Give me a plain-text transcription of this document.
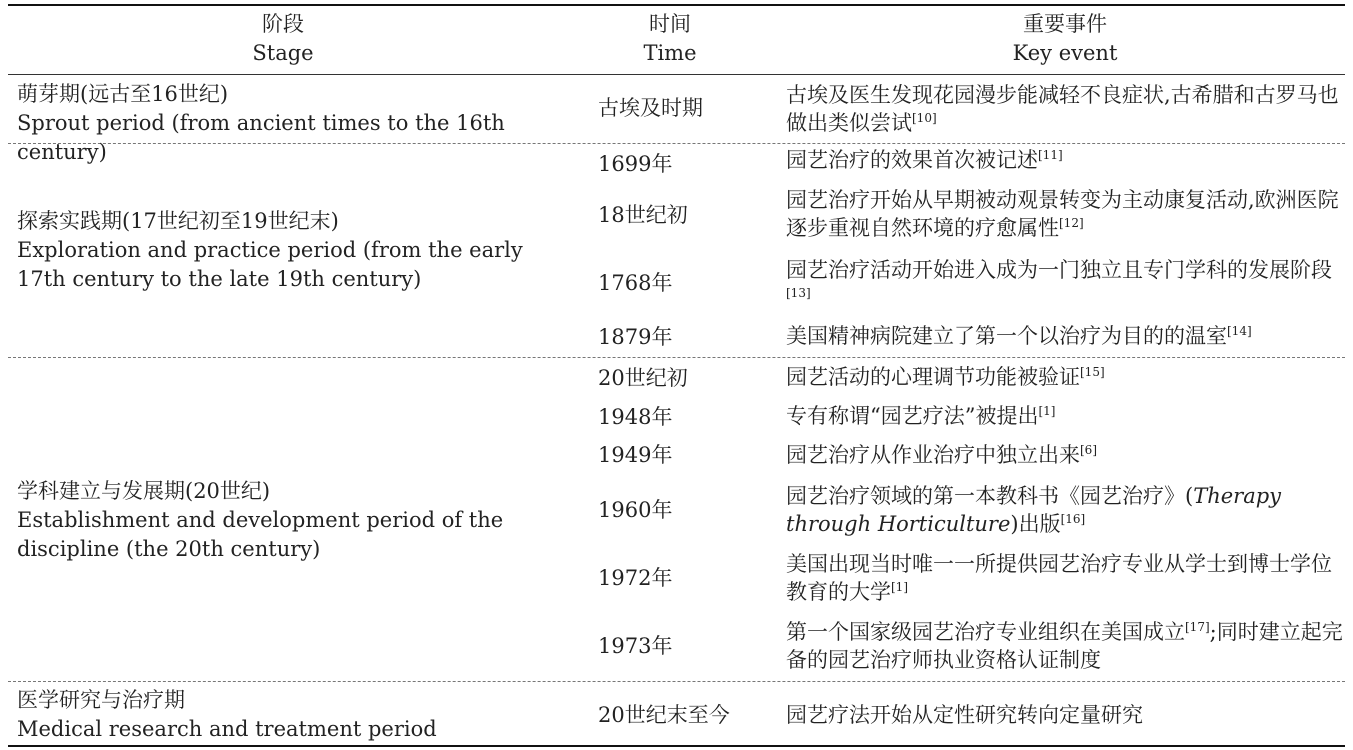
阶段
Stage
时间
Time
重要事件
Key event
萌芽期(远古至16世纪)
Sprout period (from ancient times to the 16th century)
探索实践期(17世纪初至19世纪末)
Exploration and practice period (from the early 17th century to the late 19th century)
学科建立与发展期(20世纪)
Establishment and development period of the discipline (the 20th century)
医学研究与治疗期
Medical research and treatment period
古埃及时期
1699年
18世纪初
1768年
1879年
20世纪初
1948年
1949年
1960年
1972年
1973年
20世纪末至今
古埃及医生发现花园漫步能减轻不良症状,古希腊和古罗马也做出类似尝试[10]
园艺治疗的效果首次被记述[11]
园艺治疗开始从早期被动观景转变为主动康复活动,欧洲医院逐步重视自然环境的疗愈属性[12]
园艺治疗活动开始进入成为一门独立且专门学科的发展阶段[13]
美国精神病院建立了第一个以治疗为目的的温室[14]
园艺活动的心理调节功能被验证[15]
专有称谓“园艺疗法”被提出[1]
园艺治疗从作业治疗中独立出来[6]
园艺治疗领域的第一本教科书《园艺治疗》(Therapy through Horticulture)出版[16]
美国出现当时唯一一所提供园艺治疗专业从学士到博士学位教育的大学[1]
第一个国家级园艺治疗专业组织在美国成立[17];同时建立起完备的园艺治疗师执业资格认证制度
园艺疗法开始从定性研究转向定量研究
